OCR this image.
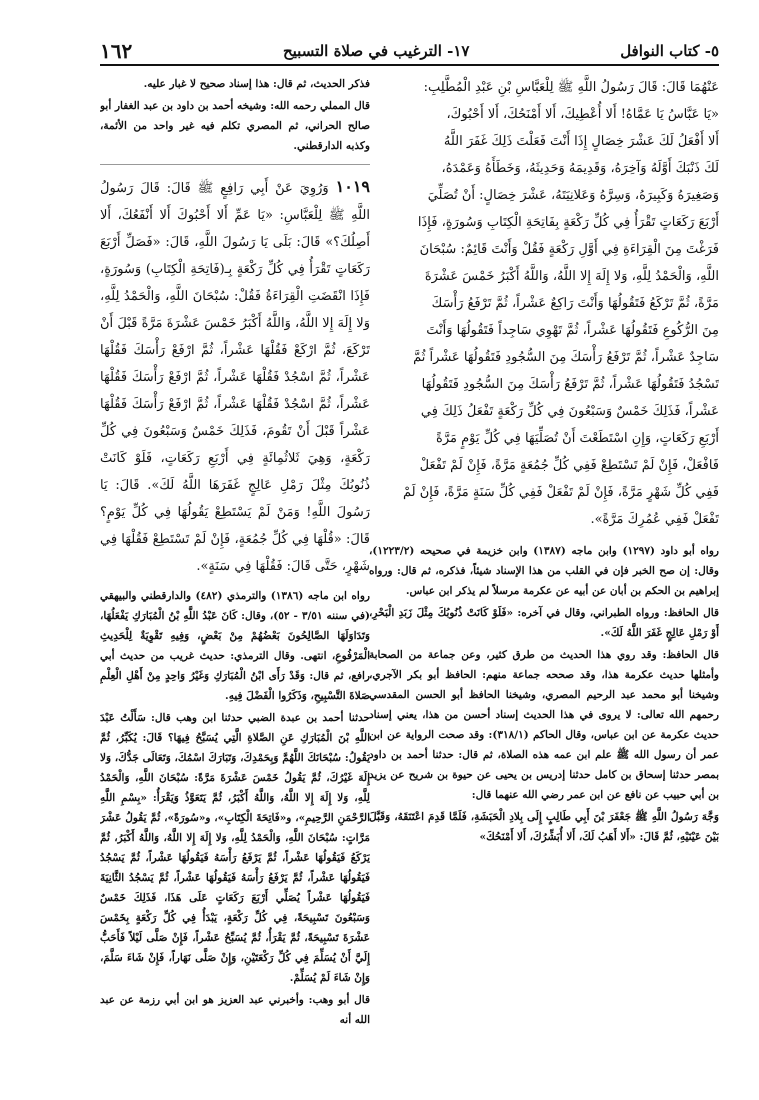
٥- كتاب النوافل
١٧- الترغيب في صلاة التسبيح
١٦٢

عَنْهُمَا قَالَ: قَالَ رَسُولُ اللَّهِ ﷺ لِلْعَبَّاسِ بْنِ عَبْدِ الْمُطَّلِبِ:

«يَا عَبَّاسُ يَا عَمَّاهُ! أَلا أُعْطِيكَ، أَلا أَمْنَحُكَ، أَلا أَحْبُوكَ،

أَلا أَفْعَلُ لَكَ عَشْرَ خِصَالٍ إِذَا أَنْتَ فَعَلْتَ ذَلِكَ غَفَرَ اللَّهُ

لَكَ ذَنْبَكَ أَوَّلَهُ وَآخِرَهُ، وَقَدِيمَهُ وَحَدِيثَهُ، وَخَطَأَهُ وَعَمْدَهُ،

وَصَغِيرَهُ وَكَبِيرَهُ، وَسِرَّهُ وَعَلانِيَتَهُ، عَشْرَ خِصَالٍ: أَنْ تُصَلِّيَ

أَرْبَعَ رَكَعَاتٍ تَقْرَأُ فِي كُلِّ رَكْعَةٍ بِفَاتِحَةِ الْكِتَابِ وَسُورَةٍ، فَإِذَا

فَرَغْتَ مِنَ الْقِرَاءَةِ فِي أَوَّلِ رَكْعَةٍ فَقُلْ وَأَنْتَ قَائِمٌ: سُبْحَانَ

اللَّهِ، وَالْحَمْدُ لِلَّهِ، وَلا إِلَهَ إِلا اللَّهُ، وَاللَّهُ أَكْبَرُ خَمْسَ عَشْرَةَ

مَرَّةً، ثُمَّ تَرْكَعُ فَتَقُولُهَا وَأَنْتَ رَاكِعٌ عَشْراً، ثُمَّ تَرْفَعُ رَأْسَكَ

مِنَ الرُّكُوعِ فَتَقُولُهَا عَشْراً، ثُمَّ تَهْوِي سَاجِداً فَتَقُولُهَا وَأَنْتَ

سَاجِدٌ عَشْراً، ثُمَّ تَرْفَعُ رَأْسَكَ مِنَ السُّجُودِ فَتَقُولُهَا عَشْراً ثُمَّ

تَسْجُدُ فَتَقُولُهَا عَشْراً، ثُمَّ تَرْفَعُ رَأْسَكَ مِنَ السُّجُودِ فَتَقُولُهَا

عَشْراً، فَذَلِكَ خَمْسٌ وَسَبْعُونَ فِي كُلِّ رَكْعَةٍ تَفْعَلُ ذَلِكَ فِي

أَرْبَعِ رَكَعَاتٍ، وَإِنِ اسْتَطَعْتَ أَنْ تُصَلِّيَهَا فِي كُلِّ يَوْمٍ مَرَّةً

فَافْعَلْ، فَإِنْ لَمْ تَسْتَطِعْ فَفِي كُلِّ جُمُعَةٍ مَرَّةً، فَإِنْ لَمْ تَفْعَلْ

فَفِي كُلِّ شَهْرٍ مَرَّةً، فَإِنْ لَمْ تَفْعَلْ فَفِي كُلِّ سَنَةٍ مَرَّةً، فَإِنْ لَمْ

تَفْعَلْ فَفِي عُمُرِكَ مَرَّةً».

رواه أبو داود (١٢٩٧) وابن ماجه (١٣٨٧) وابن خزيمة في صحيحه (١٢٢٣/٢)، وقال: إن صح الخبر فإن في القلب من هذا الإسناد شيئاً، فذكره، ثم قال: ورواه إبراهيم بن الحكم بن أبان عن أبيه عن عكرمة مرسلاً لم يذكر ابن عباس.

قال الحافظ: ورواه الطبراني، وقال في آخره: «فَلَوْ كَانَتْ ذُنُوبُكَ مِثْلَ زَبَدِ الْبَحْرِ، أَوْ رَمْلِ عَالِجٍ غَفَرَ اللَّهُ لَكَ».

قال الحافظ: وقد روي هذا الحديث من طرق كثير، وعن جماعة من الصحابة وأمثلها حديث عكرمة هذا، وقد صححه جماعة منهم: الحافظ أبو بكر الآجري، وشيخنا أبو محمد عبد الرحيم المصري، وشيخنا الحافظ أبو الحسن المقدسي رحمهم الله تعالى: لا يروى في هذا الحديث إسناد أحسن من هذا، يعني إسناد حديث عكرمة عن ابن عباس، وقال الحاكم (٣١٨/١): وقد صحت الرواية عن ابن عمر أن رسول الله ﷺ علم ابن عمه هذه الصلاة، ثم قال: حدثنا أحمد بن داود بمصر حدثنا إسحاق بن كامل حدثنا إدريس بن يحيى عن حيوة بن شريح عن يزيد بن أبي حبيب عن نافع عن ابن عمر رضي الله عنهما قال:

وَجَّهَ رَسُولُ اللَّهِ ﷺ جَعْفَرَ بْنَ أَبِي طَالِبٍ إِلَى بِلادِ الْحَبَشَةِ، فَلَمَّا قَدِمَ اعْتَنَقَهُ، وَقَبَّلَ بَيْنَ عَيْنَيْهِ، ثُمَّ قَالَ: «أَلا أَهَبُ لَكَ، أَلا أُبَشِّرُكَ، أَلا أَمْنَحُكَ»

فذكر الحديث، ثم قال: هذا إسناد صحيح لا غبار عليه.

قال المملي رحمه الله: وشيخه أحمد بن داود بن عبد الغفار أبو صالح الحراني، ثم المصري تكلم فيه غير واحد من الأئمة، وكذبه الدارقطني.

١٠١٩ وَرُوِيَ عَنْ أَبِي رَافِعٍ ﷺ قَالَ: قَالَ رَسُولُ اللَّهِ ﷺ لِلْعَبَّاسِ: «يَا عَمِّ أَلا أَحْبُوكَ أَلا أَنْفَعُكَ، أَلا أَصِلُكَ؟» قَالَ: بَلَى يَا رَسُولَ اللَّهِ، قَالَ: «فَصَلِّ أَرْبَعَ رَكَعَاتٍ تَقْرَأُ فِي كُلِّ رَكْعَةٍ بِـ(فَاتِحَةِ الْكِتَابِ) وَسُورَةٍ، فَإِذَا انْقَضَتِ الْقِرَاءَةُ فَقُلْ: سُبْحَانَ اللَّهِ، وَالْحَمْدُ لِلَّهِ، وَلا إِلَهَ إِلا اللَّهُ، وَاللَّهُ أَكْبَرُ خَمْسَ عَشْرَةَ مَرَّةً قَبْلَ أَنْ تَرْكَعَ، ثُمَّ ارْكَعْ فَقُلْهَا عَشْراً، ثُمَّ ارْفَعْ رَأْسَكَ فَقُلْهَا عَشْراً، ثُمَّ اسْجُدْ فَقُلْهَا عَشْراً، ثُمَّ ارْفَعْ رَأْسَكَ فَقُلْهَا عَشْراً، ثُمَّ اسْجُدْ فَقُلْهَا عَشْراً، ثُمَّ ارْفَعْ رَأْسَكَ فَقُلْهَا عَشْراً قَبْلَ أَنْ تَقُومَ، فَذَلِكَ خَمْسٌ وَسَبْعُونَ فِي كُلِّ رَكْعَةٍ، وَهِيَ ثَلاثُمِائَةٍ فِي أَرْبَعِ رَكَعَاتٍ، فَلَوْ كَانَتْ ذُنُوبُكَ مِثْلَ رَمْلِ عَالِجٍ غَفَرَهَا اللَّهُ لَكَ». قَالَ: يَا رَسُولَ اللَّهِ! وَمَنْ لَمْ يَسْتَطِعْ يَقُولُهَا فِي كُلِّ يَوْمٍ؟ قَالَ: «قُلْهَا فِي كُلِّ جُمُعَةٍ، فَإِنْ لَمْ تَسْتَطِعْ فَقُلْهَا فِي شَهْرٍ، حَتَّى قَالَ: فَقُلْهَا فِي سَنَةٍ».

رواه ابن ماجه (١٣٨٦) والترمذي (٤٨٢) والدارقطني والبيهقي (في سننه ٣/٥١ - ٥٢)، وقال: كَانَ عَبْدُ اللَّهِ بْنُ الْمُبَارَكِ يَفْعَلُهَا، وَتَدَاوَلَهَا الصَّالِحُونَ بَعْضُهُمْ مِنْ بَعْضٍ، وَفِيهِ تَقْوِيَةٌ لِلْحَدِيثِ الْمَرْفُوعِ، انتهى. وقال الترمذي: حديث غريب من حديث أبي رافع، ثم قال: وَقَدْ رَأَى ابْنُ الْمُبَارَكِ وَغَيْرُ وَاحِدٍ مِنْ أَهْلِ الْعِلْمِ صَلاةَ التَّسْبِيحِ، وَذَكَرُوا الْفَضْلَ فِيهِ.

حدثنا أحمد بن عبدة الضبي حدثنا ابن وهب قال: سَأَلْتُ عَبْدَ اللَّهِ بْنَ الْمُبَارَكِ عَنِ الصَّلاةِ الَّتِي يُسَبَّحُ فِيهَا؟ قَالَ: يُكَبِّرُ، ثُمَّ يَقُولُ: سُبْحَانَكَ اللَّهُمَّ وَبِحَمْدِكَ، وَتَبَارَكَ اسْمُكَ، وَتَعَالَى جَدُّكَ، وَلا إِلَهَ غَيْرُكَ، ثُمَّ يَقُولُ خَمْسَ عَشْرَةَ مَرَّةً: سُبْحَانَ اللَّهِ، وَالْحَمْدُ لِلَّهِ، وَلا إِلَهَ إِلا اللَّهُ، وَاللَّهُ أَكْبَرُ، ثُمَّ يَتَعَوَّذُ وَيَقْرَأُ: «بِسْمِ اللَّهِ الرَّحْمَنِ الرَّحِيمِ»، و«فَاتِحَةَ الْكِتَابِ»، و«سُورَةً»، ثُمَّ يَقُولُ عَشْرَ مَرَّاتٍ: سُبْحَانَ اللَّهِ، وَالْحَمْدُ لِلَّهِ، وَلا إِلَهَ إِلا اللَّهُ، وَاللَّهُ أَكْبَرُ، ثُمَّ يَرْكَعُ فَيَقُولُهَا عَشْراً، ثُمَّ يَرْفَعُ رَأْسَهُ فَيَقُولُهَا عَشْراً، ثُمَّ يَسْجُدُ فَيَقُولُهَا عَشْراً، ثُمَّ يَرْفَعُ رَأْسَهُ فَيَقُولُهَا عَشْراً، ثُمَّ يَسْجُدُ الثَّانِيَةَ فَيَقُولُهَا عَشْراً يُصَلِّي أَرْبَعَ رَكَعَاتٍ عَلَى هَذَا، فَذَلِكَ خَمْسٌ وَسَبْعُونَ تَسْبِيحَةً، فِي كُلِّ رَكْعَةٍ، يَبْدَأُ فِي كُلِّ رَكْعَةٍ بِخَمْسَ عَشْرَةَ تَسْبِيحَةً، ثُمَّ يَقْرَأُ، ثُمَّ يُسَبِّحُ عَشْراً، فَإِنْ صَلَّى لَيْلاً فَأَحَبُّ إِلَيَّ أَنْ يُسَلِّمَ فِي كُلِّ رَكْعَتَيْنِ، وَإِنْ صَلَّى نَهَاراً، فَإِنْ شَاءَ سَلَّمَ، وَإِنْ شَاءَ لَمْ يُسَلِّمْ.

قال أبو وهب: وأخبرني عبد العزيز هو ابن أبي رزمة عن عبد الله أنه
